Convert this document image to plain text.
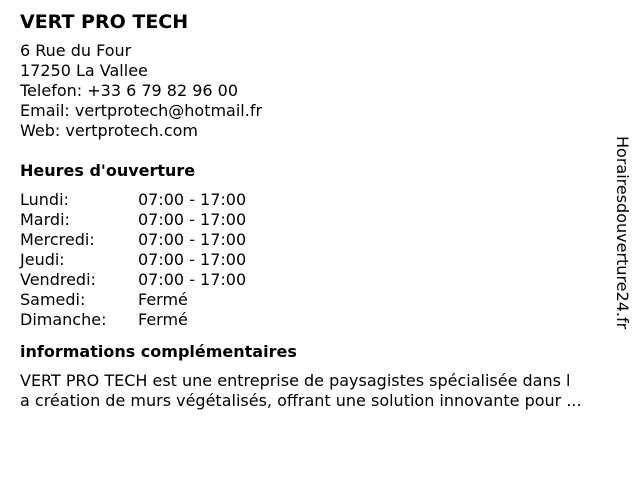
VERT PRO TECH
6 Rue du Four
17250 La Vallee
Telefon: +33 6 79 82 96 00
Email: vertprotech@hotmail.fr
Web: vertprotech.com
Heures d'ouverture
Lundi:	07:00 - 17:00
Mardi:	07:00 - 17:00
Mercredi:	07:00 - 17:00
Jeudi:	07:00 - 17:00
Vendredi:	07:00 - 17:00
Samedi:	Fermé
Dimanche:	Fermé
informations complémentaires
VERT PRO TECH est une entreprise de paysagistes spécialisée dans l
a création de murs végétalisés, offrant une solution innovante pour ...
Horairesdouverture24.fr
